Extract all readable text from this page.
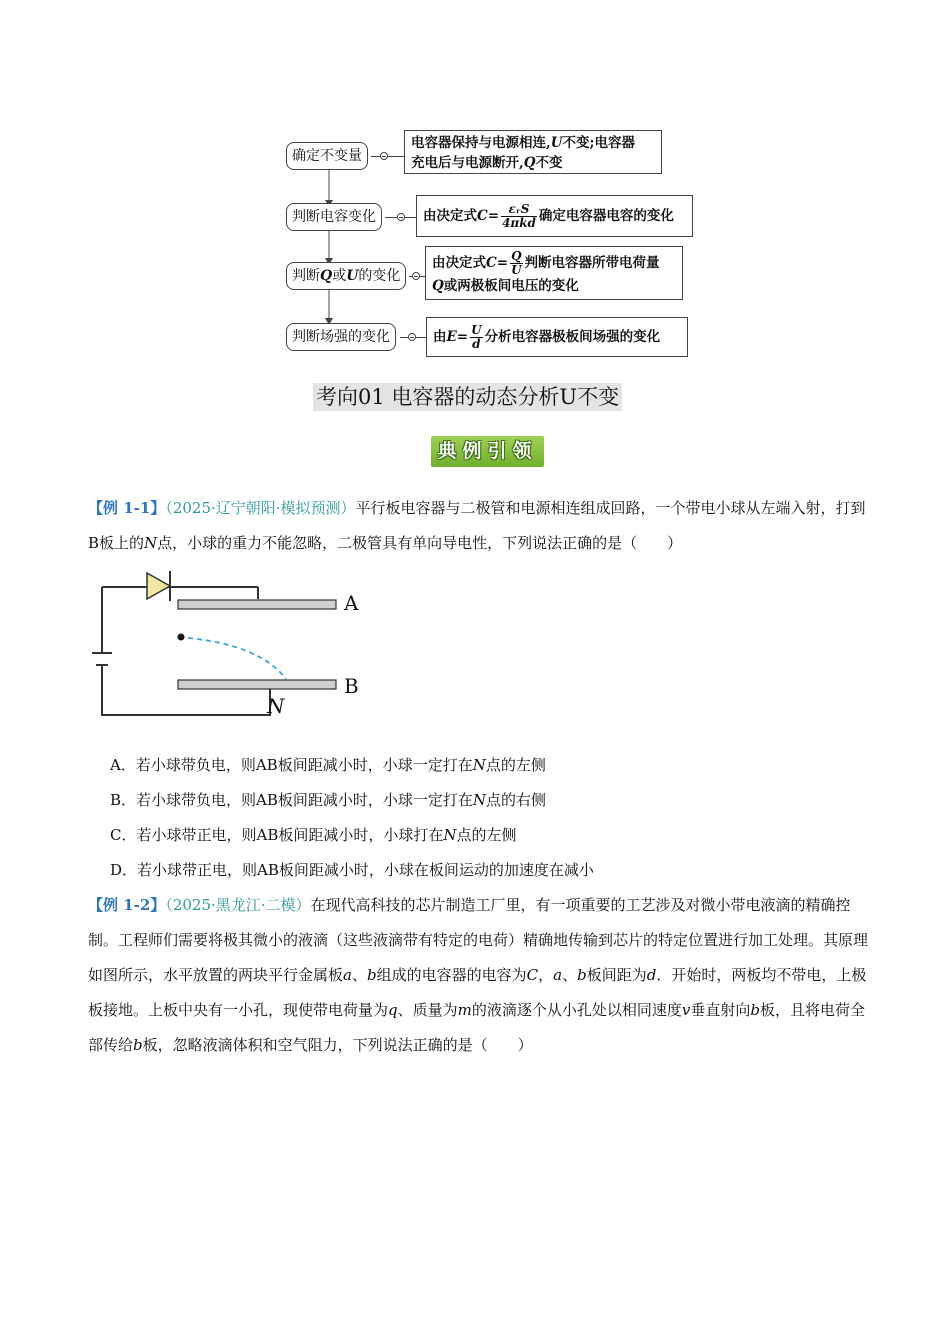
确定不变量
判断电容变化
判断Q或U的变化
判断场强的变化
电容器保持与电源相连,U不变;电容器
充电后与电源断开,Q不变
由决定式$C= \frac{\text{εᵣS}}{\text{4πkd}}$ 确定电容器电容的变化
由决定式$C= \frac{Q}{U}$ 判断电容器所带电荷量
Q或两极板间电压的变化
由$E= \frac{U}{d}$ 分析电容器极板间场强的变化
考向01 电容器的动态分析U不变
典例引领
【例 1-1】（2025·辽宁朝阳·模拟预测）平行板电容器与二极管和电源相连组成回路，一个带电小球从左端入射，打到B板上的N点，小球的重力不能忽略，二极管具有单向导电性，下列说法正确的是（　　）
A
B
N
A．若小球带负电，则AB板间距减小时，小球一定打在N点的左侧
B．若小球带负电，则AB板间距减小时，小球一定打在N点的右侧
C．若小球带正电，则AB板间距减小时，小球打在N点的左侧
D．若小球带正电，则AB板间距减小时，小球在板间运动的加速度在减小
【例 1-2】（2025·黑龙江·二模）在现代高科技的芯片制造工厂里，有一项重要的工艺涉及对微小带电液滴的精确控制。工程师们需要将极其微小的液滴（这些液滴带有特定的电荷）精确地传输到芯片的特定位置进行加工处理。其原理如图所示，水平放置的两块平行金属板a、b组成的电容器的电容为C，a、b板间距为d．开始时，两板均不带电，上极板接地。上板中央有一小孔，现使带电荷量为q、质量为m的液滴逐个从小孔处以相同速度v垂直射向b板，且将电荷全部传给b板，忽略液滴体积和空气阻力，下列说法正确的是（　　）
